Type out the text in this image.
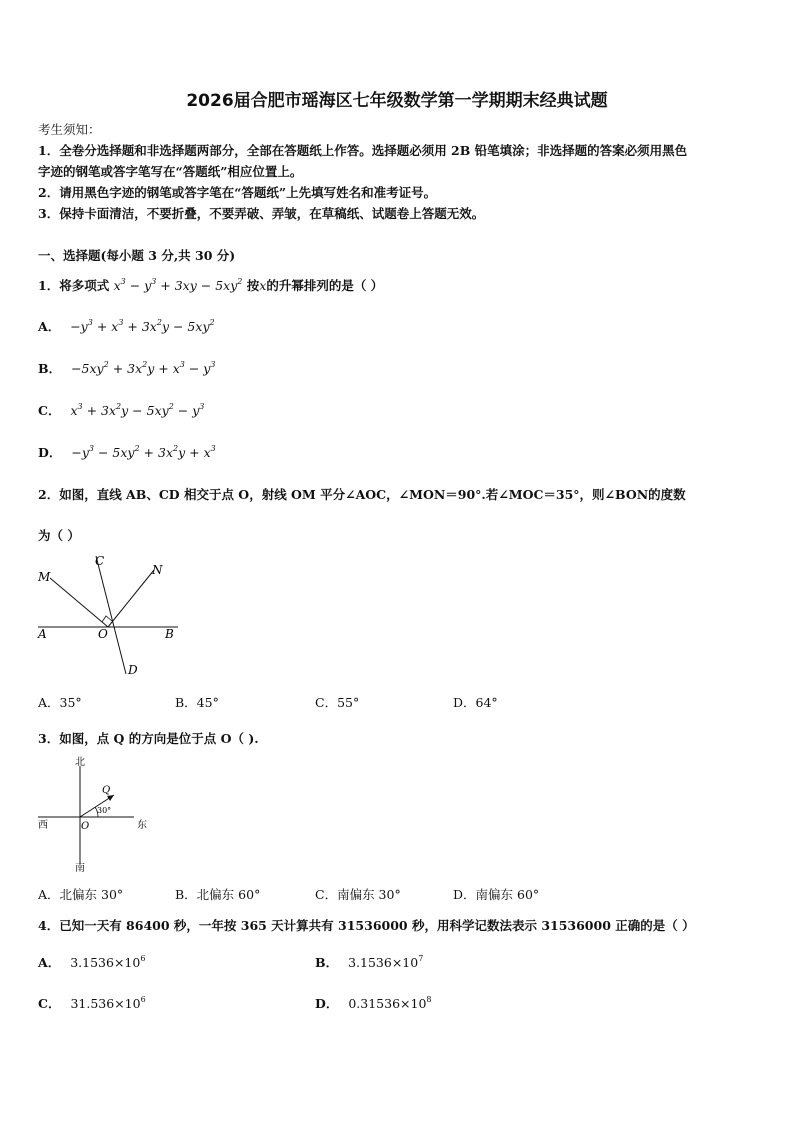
2026届合肥市瑶海区七年级数学第一学期期末经典试题
考生须知：
1．全卷分选择题和非选择题两部分，全部在答题纸上作答。选择题必须用 2B 铅笔填涂；非选择题的答案必须用黑色
字迹的钢笔或答字笔写在“答题纸”相应位置上。
2．请用黑色字迹的钢笔或答字笔在“答题纸”上先填写姓名和准考证号。
3．保持卡面清洁，不要折叠，不要弄破、弄皱，在草稿纸、试题卷上答题无效。
一、选择题(每小题 3 分,共 30 分)
1．将多项式 $x^3 - y^3 + 3xy - 5xy^2$ 按x的升幂排列的是（ ）
A． $-y^3 + x^3 + 3x^2y - 5xy^2$
B． $-5xy^2 + 3x^2y + x^3 - y^3$
C． $x^3 + 3x^2y - 5xy^2 - y^3$
D． $-y^3 - 5xy^2 + 3x^2y + x^3$
2．如图，直线 AB、CD 相交于点 O，射线 OM 平分∠AOC，∠MON＝90°.若∠MOC＝35°，则∠BON的度数
为（ ）
A	B
C
D
M	N
O
A．35°	B．45°	C．55°	D．64°
3．如图，点 Q 的方向是位于点 O（ ).
北
南
西	东
O
Q
30°
A．北偏东 30°	B．北偏东 60°	C．南偏东 30°	D．南偏东 60°
4．已知一天有 86400 秒，一年按 365 天计算共有 31536000 秒，用科学记数法表示 31536000 正确的是（ ）
A． $3.1536\times 10^6$	B． $3.1536\times 10^7$
C． $31.536\times 10^6$	D． $0.31536\times 10^8$
